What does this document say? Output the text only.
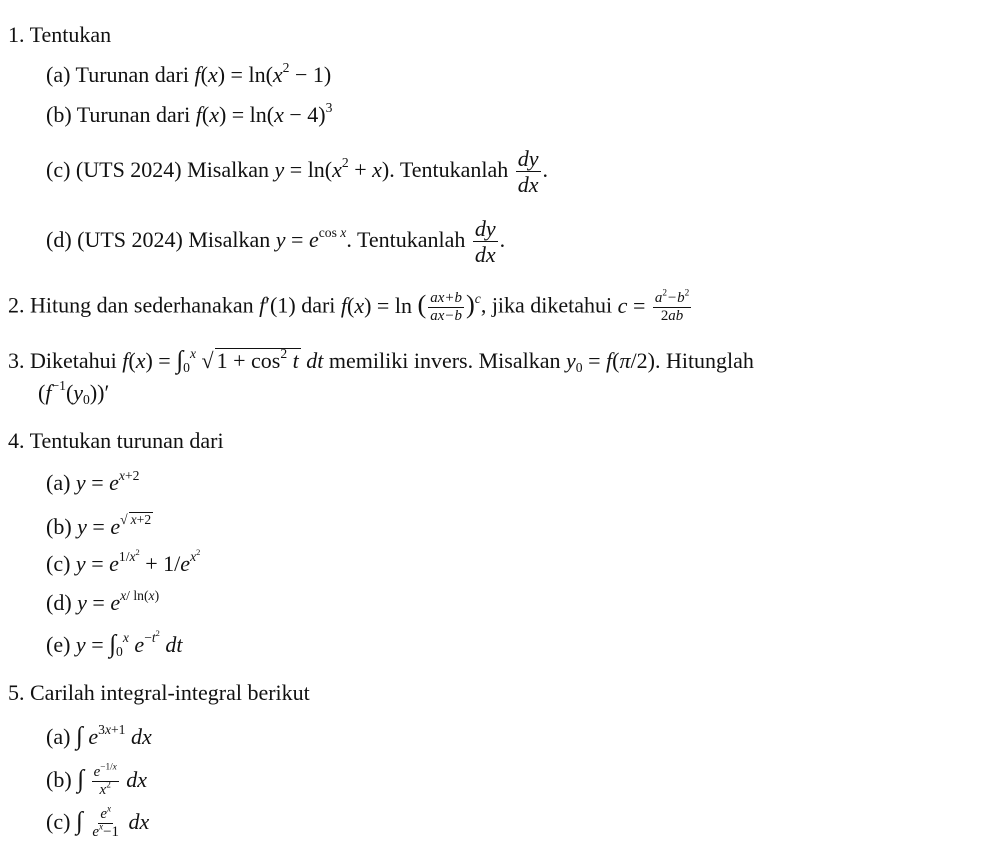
1. Tentukan
(a) Turunan dari $f(x) = \ln(x^2 - 1)$
(b) Turunan dari $f(x) = \ln(x - 4)^3$
(c) (UTS 2024) Misalkan $y = \ln(x^2 + x)$. Tentukanlah $\frac{dy}{dx}$ .
(d) (UTS 2024) Misalkan $y = e^{cos x}$. Tentukanlah $\frac{dy}{dx}$ .
2. Hitung dan sederhanakan f′(1) dari f(x) = ln ( $\frac{ax+b}{ax-b} )^c$, jika diketahui $c = \frac{a^2-b^2}{2ab}$
3. Diketahui $f(x) = \int_0^x$ √ $1 + \cos^2 t$ dt memiliki invers. Misalkan $y_0 = f(\pi/2)$. Hitunglah
$(f^{-1}(y_0))'$
4. Tentukan turunan dari
(a) $y = e^{x+2}$
(b) $y = e^{√ x+2}$
(c) $y = e^{1/x^2} + 1/e^{x^2}$
(d) $y = e^{x/ ln(x)}$
(e) $y = \int_0^x$ $e^{-t^2}$ dt
5. Carilah integral-integral berikut
(a) ∫ $e^{3x+1}$ dx
(b) ∫ $\frac{e^{-1/x}}{x^2}$ dx
(c) ∫ $\frac{e^x}{e^x-1}$ dx
